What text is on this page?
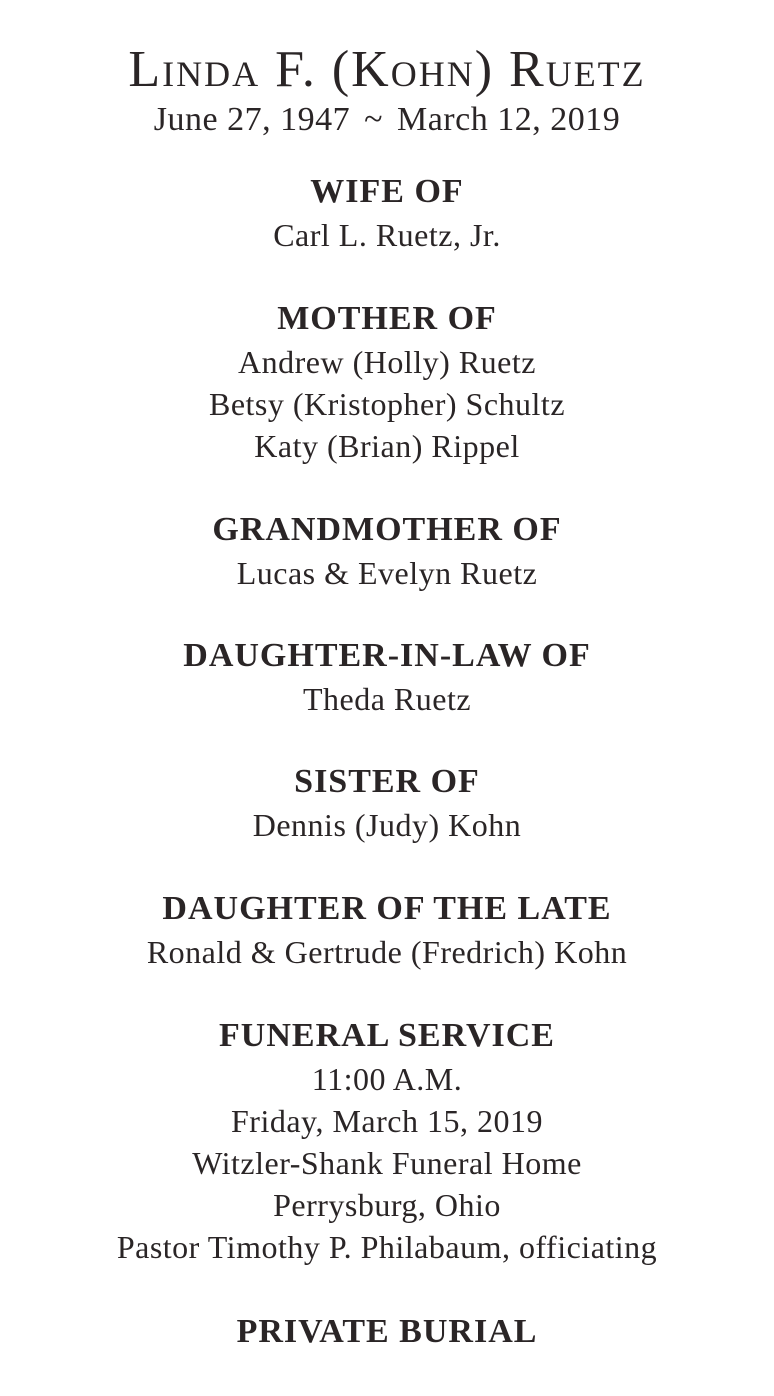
Linda F. (Kohn) Ruetz
June 27, 1947 ~ March 12, 2019
WIFE OF
Carl L. Ruetz, Jr.
MOTHER OF
Andrew (Holly) Ruetz
Betsy (Kristopher) Schultz
Katy (Brian) Rippel
GRANDMOTHER OF
Lucas & Evelyn Ruetz
DAUGHTER-IN-LAW OF
Theda Ruetz
SISTER OF
Dennis (Judy) Kohn
DAUGHTER OF THE LATE
Ronald & Gertrude (Fredrich) Kohn
FUNERAL SERVICE
11:00 A.M.
Friday, March 15, 2019
Witzler-Shank Funeral Home
Perrysburg, Ohio
Pastor Timothy P. Philabaum, officiating
PRIVATE BURIAL
